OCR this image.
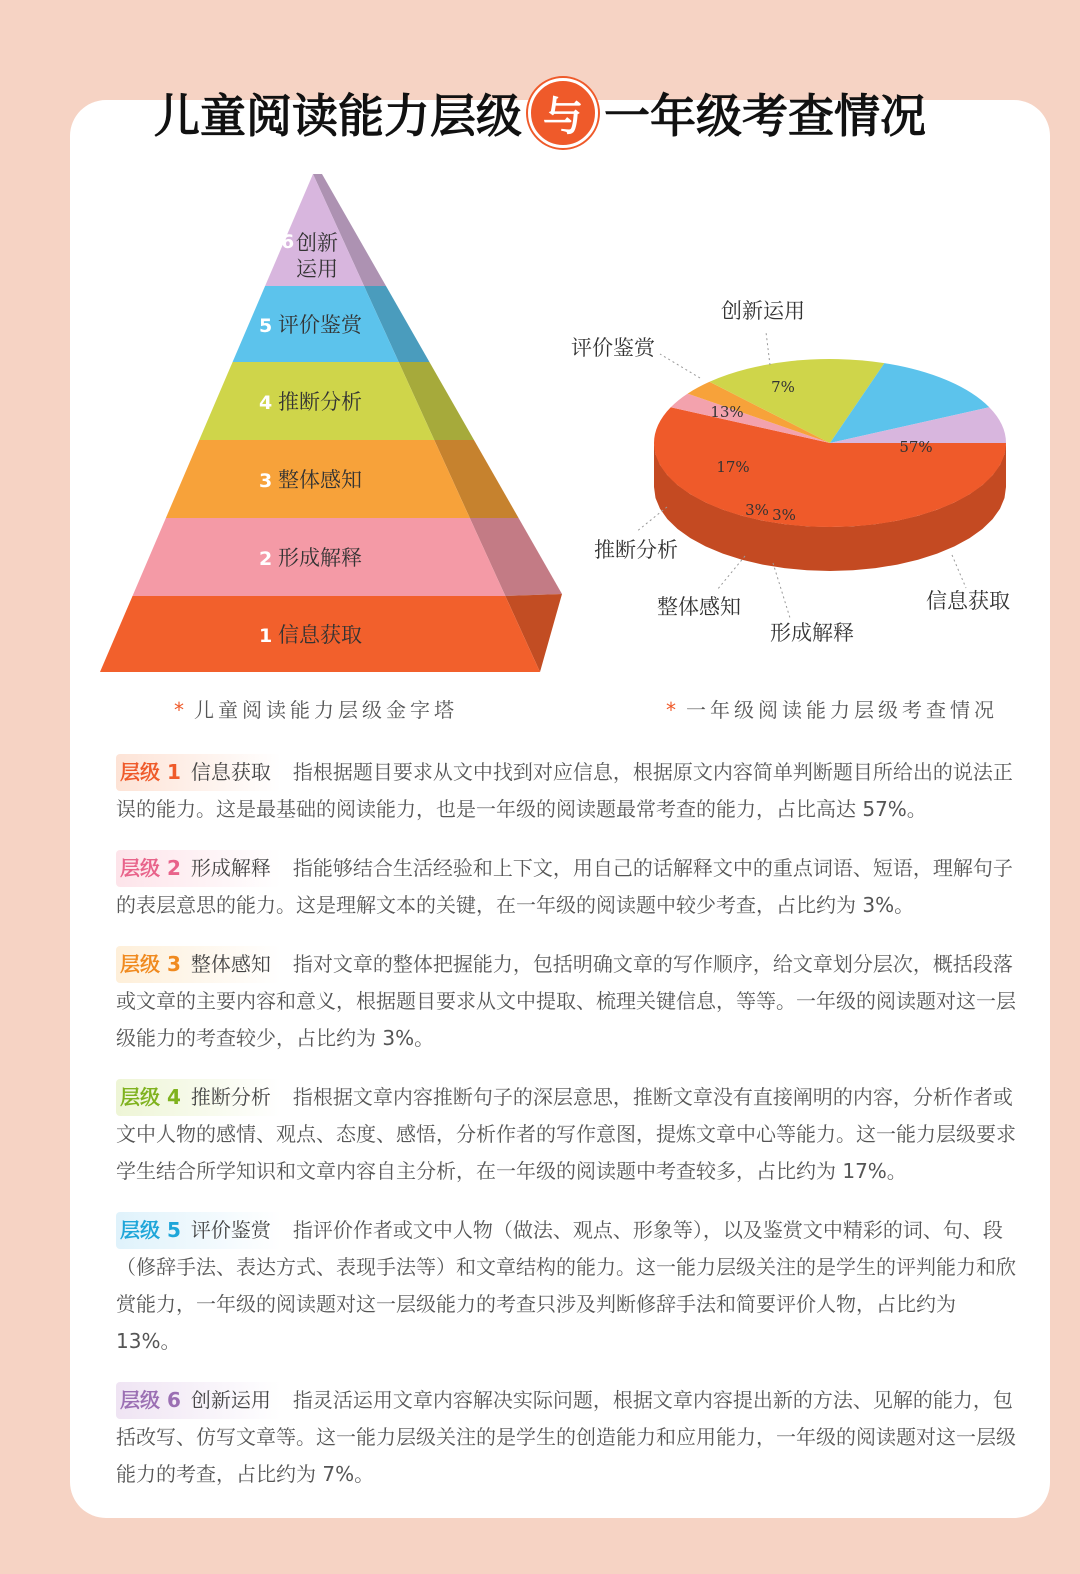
儿童阅读能力层级 与 一年级考查情况
6 创新
运用
5 评价鉴赏
4 推断分析
3 整体感知
2 形成解释
1 信息获取
57%
3%
3%
17%
13%
7%
信息获取
形成解释
整体感知
推断分析
评价鉴赏
创新运用
* 儿童阅读能力层级金字塔	* 一年级阅读能力层级考查情况
层级 1 信息获取 指根据题目要求从文中找到对应信息，根据原文内容简单判断题目所给出的说法正误的能力。这是最基础的阅读能力，也是一年级的阅读题最常考查的能力，占比高达 57%。
层级 2 形成解释 指能够结合生活经验和上下文，用自己的话解释文中的重点词语、短语，理解句子的表层意思的能力。这是理解文本的关键，在一年级的阅读题中较少考查，占比约为 3%。
层级 3 整体感知 指对文章的整体把握能力，包括明确文章的写作顺序，给文章划分层次，概括段落或文章的主要内容和意义，根据题目要求从文中提取、梳理关键信息，等等。一年级的阅读题对这一层级能力的考查较少，占比约为 3%。
层级 4 推断分析 指根据文章内容推断句子的深层意思，推断文章没有直接阐明的内容，分析作者或文中人物的感情、观点、态度、感悟，分析作者的写作意图，提炼文章中心等能力。这一能力层级要求学生结合所学知识和文章内容自主分析，在一年级的阅读题中考查较多，占比约为 17%。
层级 5 评价鉴赏 指评价作者或文中人物（做法、观点、形象等），以及鉴赏文中精彩的词、句、段（修辞手法、表达方式、表现手法等）和文章结构的能力。这一能力层级关注的是学生的评判能力和欣赏能力，一年级的阅读题对这一层级能力的考查只涉及判断修辞手法和简要评价人物，占比约为 13%。
层级 6 创新运用 指灵活运用文章内容解决实际问题，根据文章内容提出新的方法、见解的能力，包括改写、仿写文章等。这一能力层级关注的是学生的创造能力和应用能力，一年级的阅读题对这一层级能力的考查，占比约为 7%。
